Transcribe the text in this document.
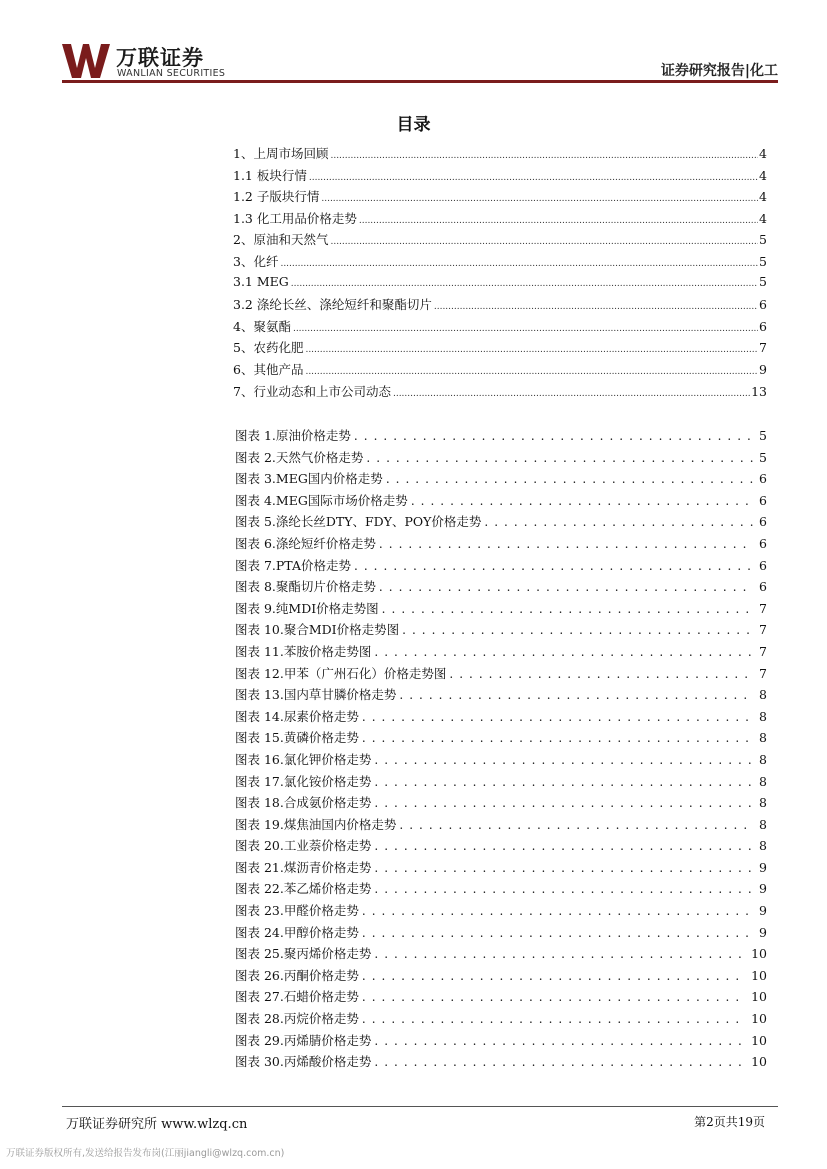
万联证券
WANLIAN SECURITIES	证券研究报告|化工
目录
1、上周市场回顾 .....	4
1.1 板块行情 .....	4
1.2 子版块行情 .....	4
1.3 化工用品价格走势 .....	4
2、原油和天然气 .....	5
3、化纤 .....	5
3.1 MEG .....	5
3.2 涤纶长丝、涤纶短纤和聚酯切片 .....	6
4、聚氨酯 .....	6
5、农药化肥 .....	7
6、其他产品 .....	9
7、行业动态和上市公司动态 .....	13
图表 1.原油价格走势 . . .	5
图表 2.天然气价格走势 . . .	5
图表 3.MEG国内价格走势 . . .	6
图表 4.MEG国际市场价格走势 . . .	6
图表 5.涤纶长丝DTY、FDY、POY价格走势 . . .	6
图表 6.涤纶短纤价格走势 . . .	6
图表 7.PTA价格走势 . . .	6
图表 8.聚酯切片价格走势 . . .	6
图表 9.纯MDI价格走势图 . . .	7
图表 10.聚合MDI价格走势图 . . .	7
图表 11.苯胺价格走势图 . . .	7
图表 12.甲苯（广州石化）价格走势图 . . .	7
图表 13.国内草甘膦价格走势 . . .	8
图表 14.尿素价格走势 . . .	8
图表 15.黄磷价格走势 . . .	8
图表 16.氯化钾价格走势 . . .	8
图表 17.氯化铵价格走势 . . .	8
图表 18.合成氨价格走势 . . .	8
图表 19.煤焦油国内价格走势 . . .	8
图表 20.工业萘价格走势 . . .	8
图表 21.煤沥青价格走势 . . .	9
图表 22.苯乙烯价格走势 . . .	9
图表 23.甲醛价格走势 . . .	9
图表 24.甲醇价格走势 . . .	9
图表 25.聚丙烯价格走势 . . .	10
图表 26.丙酮价格走势 . . .	10
图表 27.石蜡价格走势 . . .	10
图表 28.丙烷价格走势 . . .	10
图表 29.丙烯腈价格走势 . . .	10
图表 30.丙烯酸价格走势 . . .	10
万联证券研究所 www.wlzq.cn	第2页共19页
万联证券版权所有,发送给报告发布岗(江丽jiangli@wlzq.com.cn)
